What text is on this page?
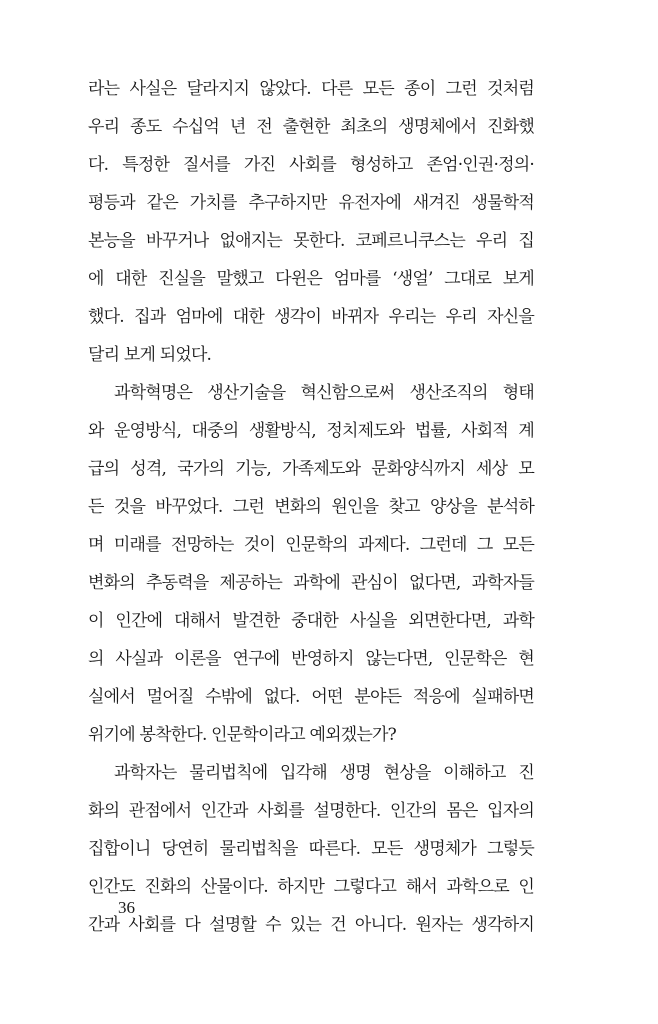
라는 사실은 달라지지 않았다. 다른 모든 종이 그런 것처럼
우리 종도 수십억 년 전 출현한 최초의 생명체에서 진화했
다. 특정한 질서를 가진 사회를 형성하고 존엄·인권·정의·
평등과 같은 가치를 추구하지만 유전자에 새겨진 생물학적
본능을 바꾸거나 없애지는 못한다. 코페르니쿠스는 우리 집
에 대한 진실을 말했고 다윈은 엄마를 ‘생얼’ 그대로 보게
했다. 집과 엄마에 대한 생각이 바뀌자 우리는 우리 자신을
달리 보게 되었다.
과학혁명은 생산기술을 혁신함으로써 생산조직의 형태
와 운영방식, 대중의 생활방식, 정치제도와 법률, 사회적 계
급의 성격, 국가의 기능, 가족제도와 문화양식까지 세상 모
든 것을 바꾸었다. 그런 변화의 원인을 찾고 양상을 분석하
며 미래를 전망하는 것이 인문학의 과제다. 그런데 그 모든
변화의 추동력을 제공하는 과학에 관심이 없다면, 과학자들
이 인간에 대해서 발견한 중대한 사실을 외면한다면, 과학
의 사실과 이론을 연구에 반영하지 않는다면, 인문학은 현
실에서 멀어질 수밖에 없다. 어떤 분야든 적응에 실패하면
위기에 봉착한다. 인문학이라고 예외겠는가?
과학자는 물리법칙에 입각해 생명 현상을 이해하고 진
화의 관점에서 인간과 사회를 설명한다. 인간의 몸은 입자의
집합이니 당연히 물리법칙을 따른다. 모든 생명체가 그렇듯
인간도 진화의 산물이다. 하지만 그렇다고 해서 과학으로 인
간과 사회를 다 설명할 수 있는 건 아니다. 원자는 생각하지
36
